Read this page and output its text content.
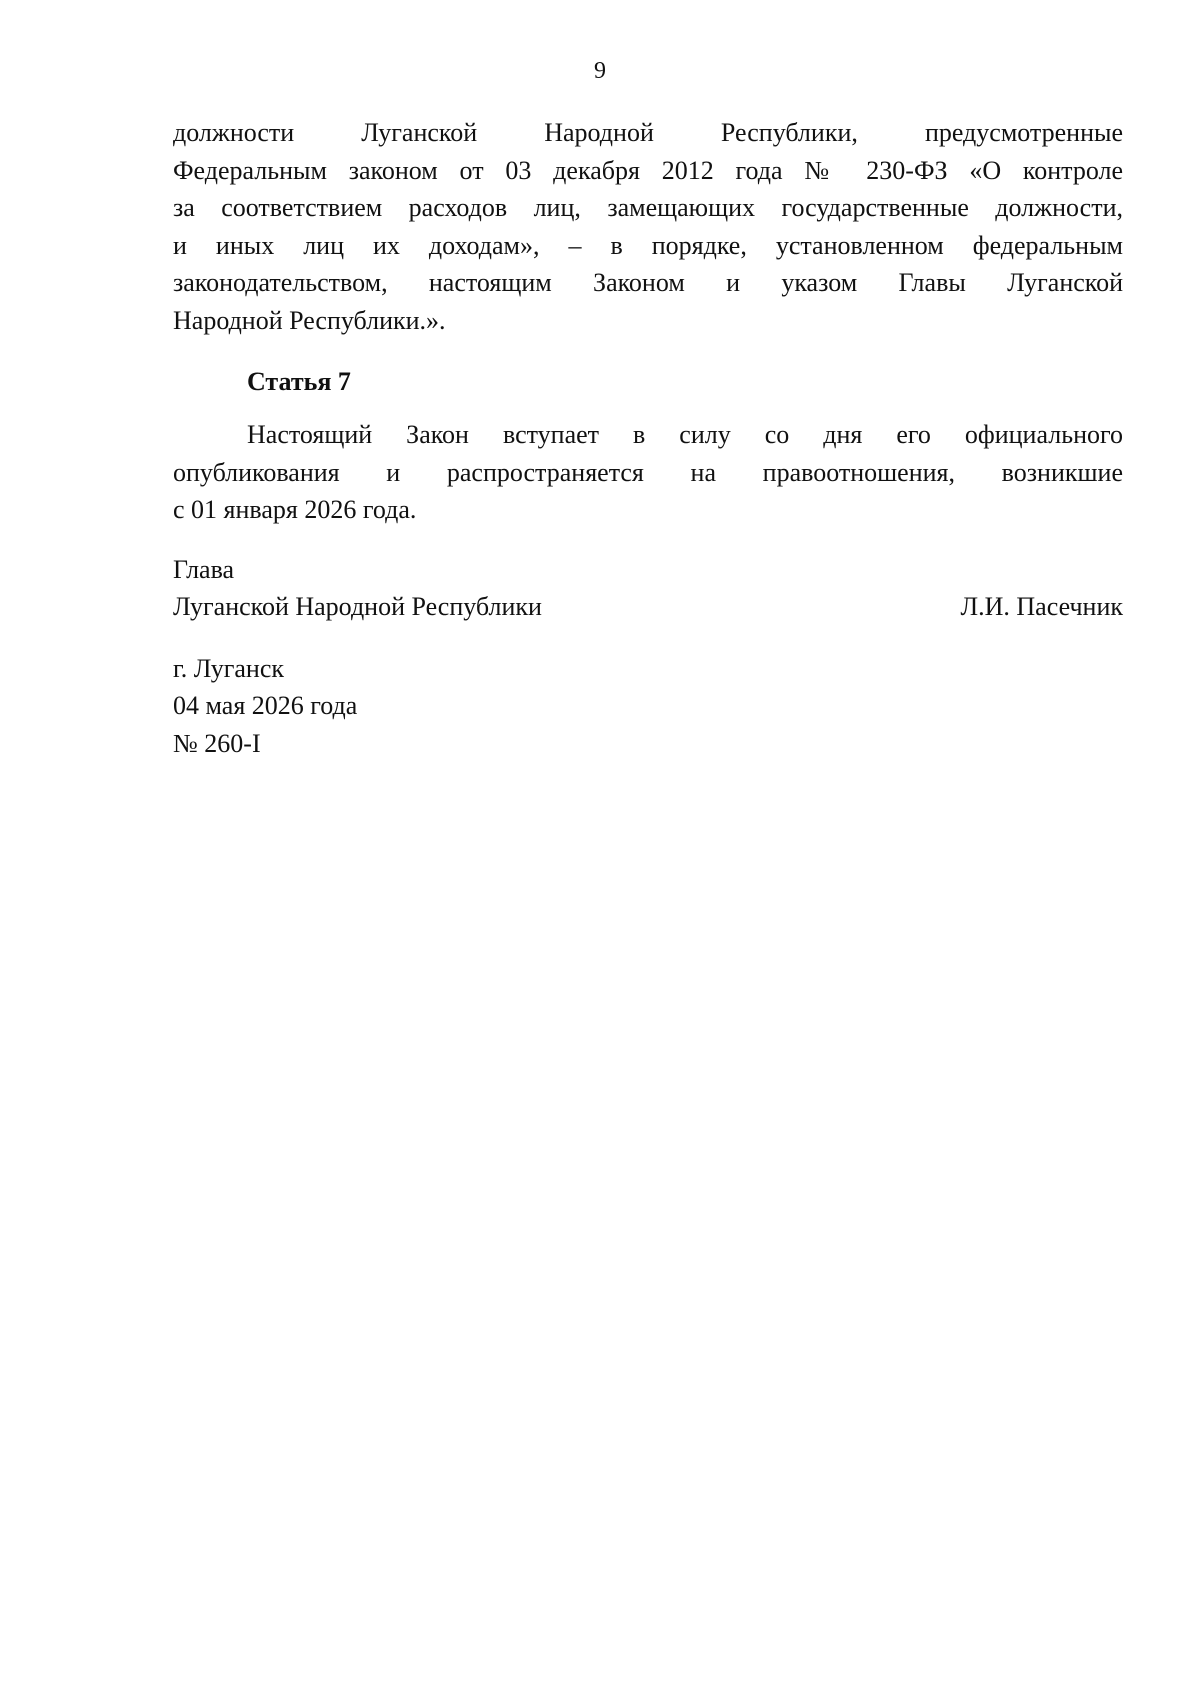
9
должности Луганской Народной Республики, предусмотренные
Федеральным законом от 03 декабря 2012 года № 230-ФЗ «О контроле
за соответствием расходов лиц, замещающих государственные должности,
и иных лиц их доходам», – в порядке, установленном федеральным
законодательством, настоящим Законом и указом Главы Луганской
Народной Республики.».
Статья 7
Настоящий Закон вступает в силу со дня его официального
опубликования и распространяется на правоотношения, возникшие
с 01 января 2026 года.
Глава
Луганской Народной Республики	Л.И. Пасечник
г. Луганск
04 мая 2026 года
№ 260-I
